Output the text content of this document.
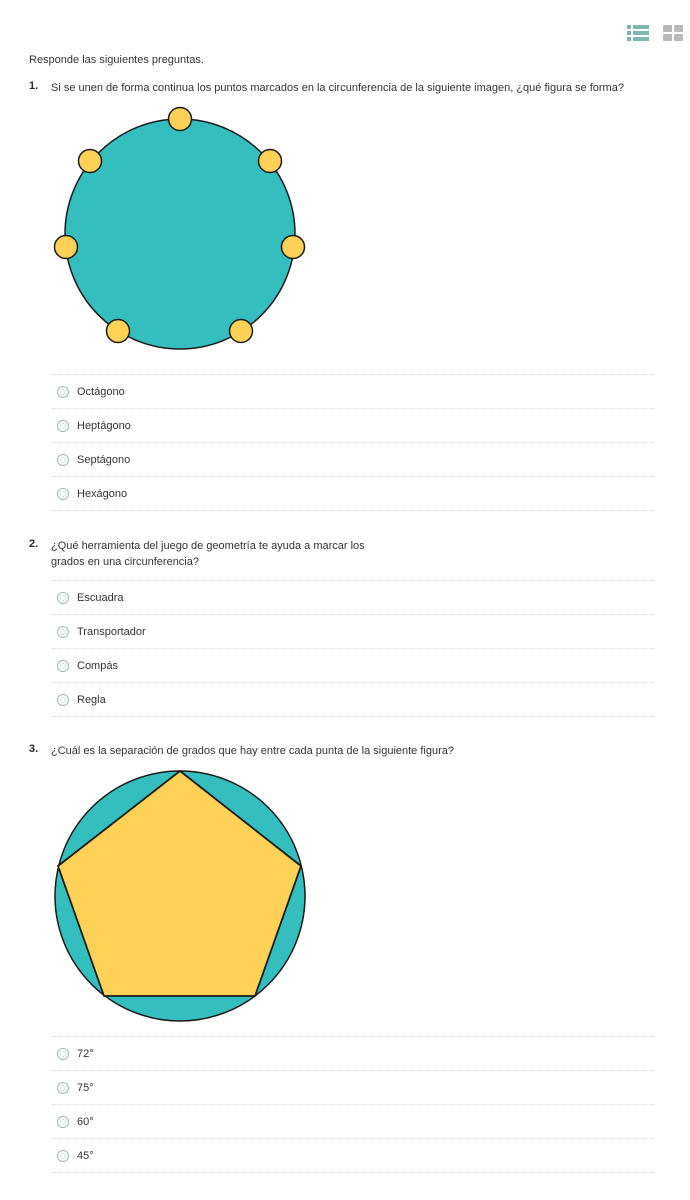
Responde las siguientes preguntas.
1. Si se unen de forma continua los puntos marcados en la circunferencia de la siguiente imagen, ¿qué figura se forma?
Octágono
Heptágono
Septágono
Hexágono
2. ¿Qué herramienta del juego de geometría te ayuda a marcar los
grados en una circunferencia?
Escuadra
Transportador
Compás
Regla
3. ¿Cuál es la separación de grados que hay entre cada punta de la siguiente figura?
72°
75°
60°
45°
